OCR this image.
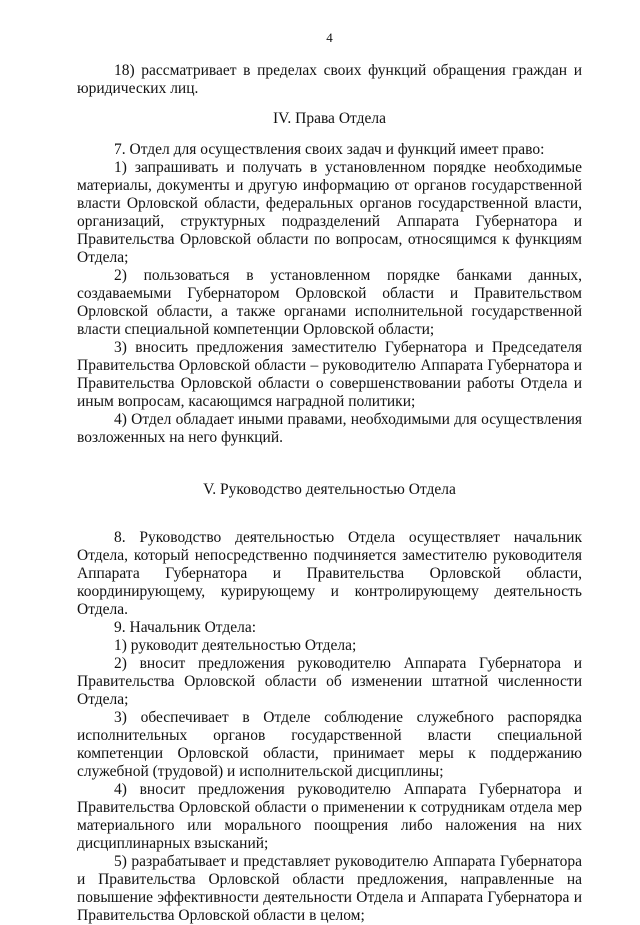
4

18) рассматривает в пределах своих функций обращения граждан и юридических лиц.

IV. Права Отдела

7. Отдел для осуществления своих задач и функций имеет право:

1) запрашивать и получать в установленном порядке необходимые материалы, документы и другую информацию от органов государственной власти Орловской области, федеральных органов государственной власти, организаций, структурных подразделений Аппарата Губернатора и Правительства Орловской области по вопросам, относящимся к функциям Отдела;

2) пользоваться в установленном порядке банками данных, создаваемыми Губернатором Орловской области и Правительством Орловской области, а также органами исполнительной государственной власти специальной компетенции Орловской области;

3) вносить предложения заместителю Губернатора и Председателя Правительства Орловской области – руководителю Аппарата Губернатора и Правительства Орловской области о совершенствовании работы Отдела и иным вопросам, касающимся наградной политики;

4) Отдел обладает иными правами, необходимыми для осуществления возложенных на него функций.

V. Руководство деятельностью Отдела

8. Руководство деятельностью Отдела осуществляет начальник Отдела, который непосредственно подчиняется заместителю руководителя Аппарата Губернатора и Правительства Орловской области, координирующему, курирующему и контролирующему деятельность Отдела.

9. Начальник Отдела:

1) руководит деятельностью Отдела;

2) вносит предложения руководителю Аппарата Губернатора и Правительства Орловской области об изменении штатной численности Отдела;

3) обеспечивает в Отделе соблюдение служебного распорядка исполнительных органов государственной власти специальной компетенции Орловской области, принимает меры к поддержанию служебной (трудовой) и исполнительской дисциплины;

4) вносит предложения руководителю Аппарата Губернатора и Правительства Орловской области о применении к сотрудникам отдела мер материального или морального поощрения либо наложения на них дисциплинарных взысканий;

5) разрабатывает и представляет руководителю Аппарата Губернатора и Правительства Орловской области предложения, направленные на повышение эффективности деятельности Отдела и Аппарата Губернатора и Правительства Орловской области в целом;
